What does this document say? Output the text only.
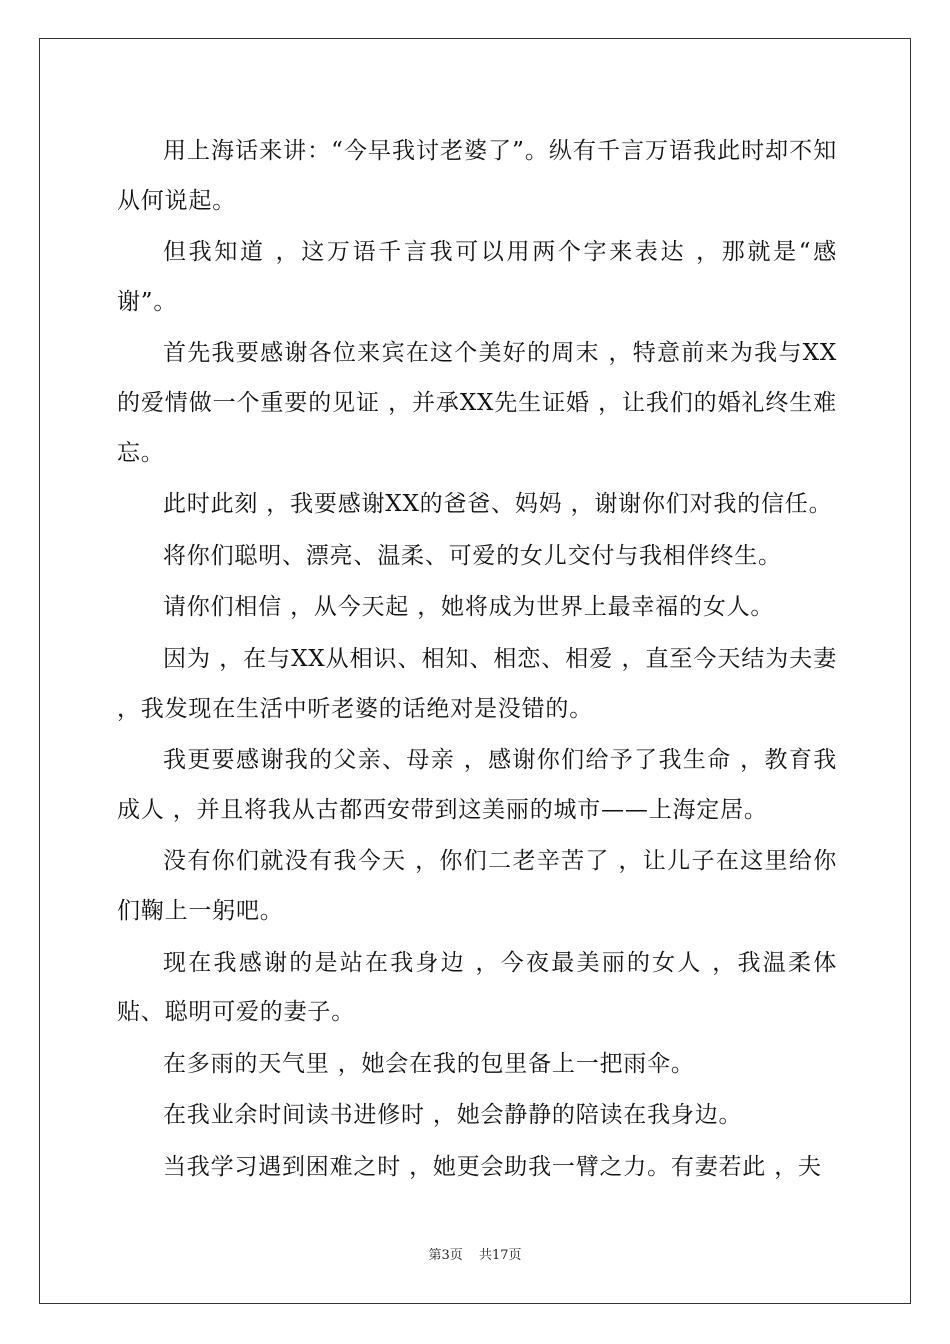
用上海话来讲：“今早我讨老婆了”。纵有千言万语我此时却不知从何说起。

但我知道 ，这万语千言我可以用两个字来表达 ，那就是“感谢”。

首先我要感谢各位来宾在这个美好的周末 ，特意前来为我与XX的爱情做一个重要的见证 ，并承XX先生证婚 ，让我们的婚礼终生难忘。

此时此刻 ，我要感谢XX的爸爸、妈妈 ，谢谢你们对我的信任。

将你们聪明、漂亮、温柔、可爱的女儿交付与我相伴终生。

请你们相信 ，从今天起 ，她将成为世界上最幸福的女人。

因为 ，在与XX从相识、相知、相恋、相爱 ，直至今天结为夫妻 ，我发现在生活中听老婆的话绝对是没错的。

我更要感谢我的父亲、母亲 ，感谢你们给予了我生命 ，教育我成人 ，并且将我从古都西安带到这美丽的城市——上海定居。

没有你们就没有我今天 ，你们二老辛苦了 ，让儿子在这里给你们鞠上一躬吧。

现在我感谢的是站在我身边 ，今夜最美丽的女人 ，我温柔体贴、聪明可爱的妻子。

在多雨的天气里 ，她会在我的包里备上一把雨伞。

在我业余时间读书进修时 ，她会静静的陪读在我身边。

当我学习遇到困难之时 ，她更会助我一臂之力。有妻若此 ，夫

第3页 共17页
